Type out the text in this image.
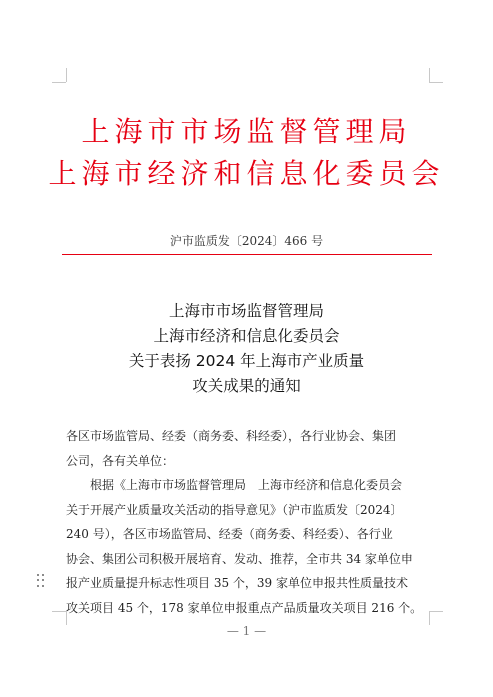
上海市市场监督管理局
上海市经济和信息化委员会
沪市监质发〔2024〕466 号
上海市市场监督管理局
上海市经济和信息化委员会
关于表扬 2024 年上海市产业质量
攻关成果的通知
各区市场监管局、经委（商务委、科经委），各行业协会、集团
公司，各有关单位：
根据《上海市市场监督管理局　上海市经济和信息化委员会
关于开展产业质量攻关活动的指导意见》（沪市监质发〔2024〕
240 号），各区市场监管局、经委（商务委、科经委）、各行业
协会、集团公司积极开展培育、发动、推荐，全市共 34 家单位申
报产业质量提升标志性项目 35 个，39 家单位申报共性质量技术
攻关项目 45 个，178 家单位申报重点产品质量攻关项目 216 个。
— 1 —
